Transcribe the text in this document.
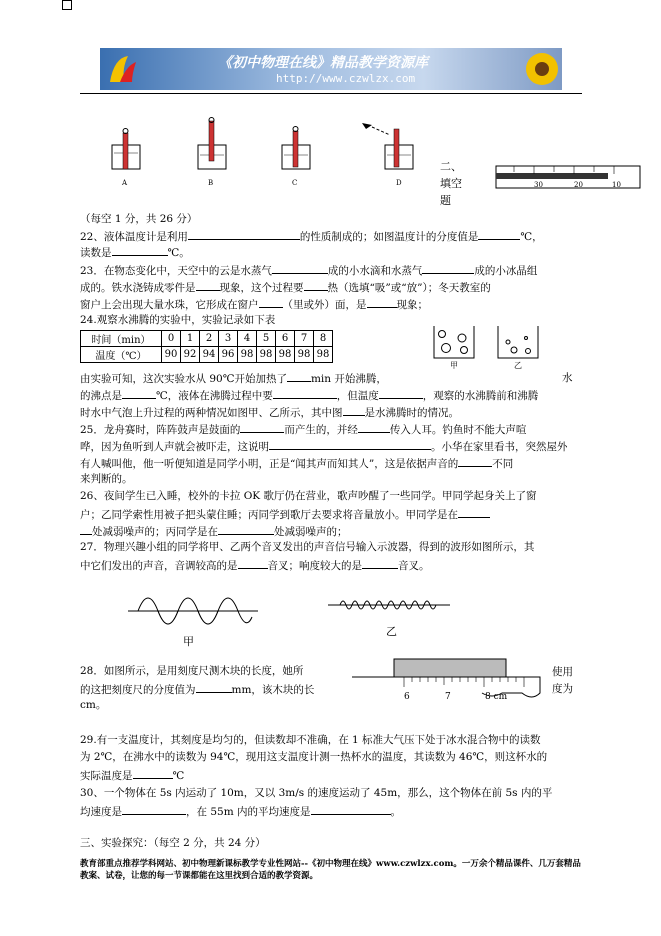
《初中物理在线》精品教学资源库
http://www.czwlzx.com
A	B	C	D	30	20	10
二、
填空
题
（每空 1 分，共 26 分）
22、液体温度计是利用	的性质制成的；如图温度计的分度值是	℃，
读数是	℃。
23．在物态变化中，天空中的云是水蒸气	成的小水滴和水蒸气	成的小冰晶组
成的。铁水浇铸成零件是 现象，这个过程要 热（选填“吸”或“放”）；冬天教室的
窗户上会出现大量水珠，它形成在窗户 （里或外）面，是	现象；
24.观察水沸腾的实验中，实验记录如下表
时间（min）	0	1	2	3	4	5	6	7	8
温度（℃）	90	92	94	96	98	98	98	98	98
甲	乙
由实验可知，这次实验水从 90℃开始加热了 min 开始沸腾，	水
的沸点是	℃，液体在沸腾过程中要	，但温度	，观察的水沸腾前和沸腾
时水中气泡上升过程的两种情况如图甲、乙所示，其中图 是水沸腾时的情况。
25．龙舟赛时，阵阵鼓声是鼓面的	而产生的，并经	传入人耳。钓鱼时不能大声喧
哗，因为鱼听到人声就会被吓走，这说明	。小华在家里看书，突然屋外
有人喊叫他，他一听便知道是同学小明，正是“闻其声而知其人”，这是依据声音的	不同
来判断的。
26、夜间学生已入睡，校外的卡拉 OK 歌厅仍在营业，歌声吵醒了一些同学。甲同学起身关上了窗
户；乙同学索性用被子把头蒙住睡；丙同学到歌厅去要求将音量放小。甲同学是在
处减弱噪声的；丙同学是在	处减弱噪声的；
27．物理兴趣小组的同学将甲、乙两个音叉发出的声音信号输入示波器，得到的波形如图所示，其
中它们发出的声音，音调较高的是	音叉；响度较大的是	音叉。
甲
乙
28．如图所示，是用刻度尺测木块的长度，她所	使用
的这把刻度尺的分度值为	mm，该木块的长	度为
cm。
6	7	8 cm
29.有一支温度计，其刻度是均匀的，但读数却不准确，在 1 标准大气压下处于冰水混合物中的读数
为 2℃，在沸水中的读数为 94℃，现用这支温度计测一热杯水的温度，其读数为 46℃，则这杯水的
实际温度是	℃
30、一个物体在 5s 内运动了 10m，又以 3m/s 的速度运动了 45m，那么，这个物体在前 5s 内的平
均速度是	，在 55m 内的平均速度是	。
三、实验探究：（每空 2 分，共 24 分）
教育部重点推荐学科网站、初中物理新课标教学专业性网站--《初中物理在线》www.czwlzx.com。一万余个精品课件、几万套精品教案、试卷，让您的每一节课都能在这里找到合适的教学资源。
